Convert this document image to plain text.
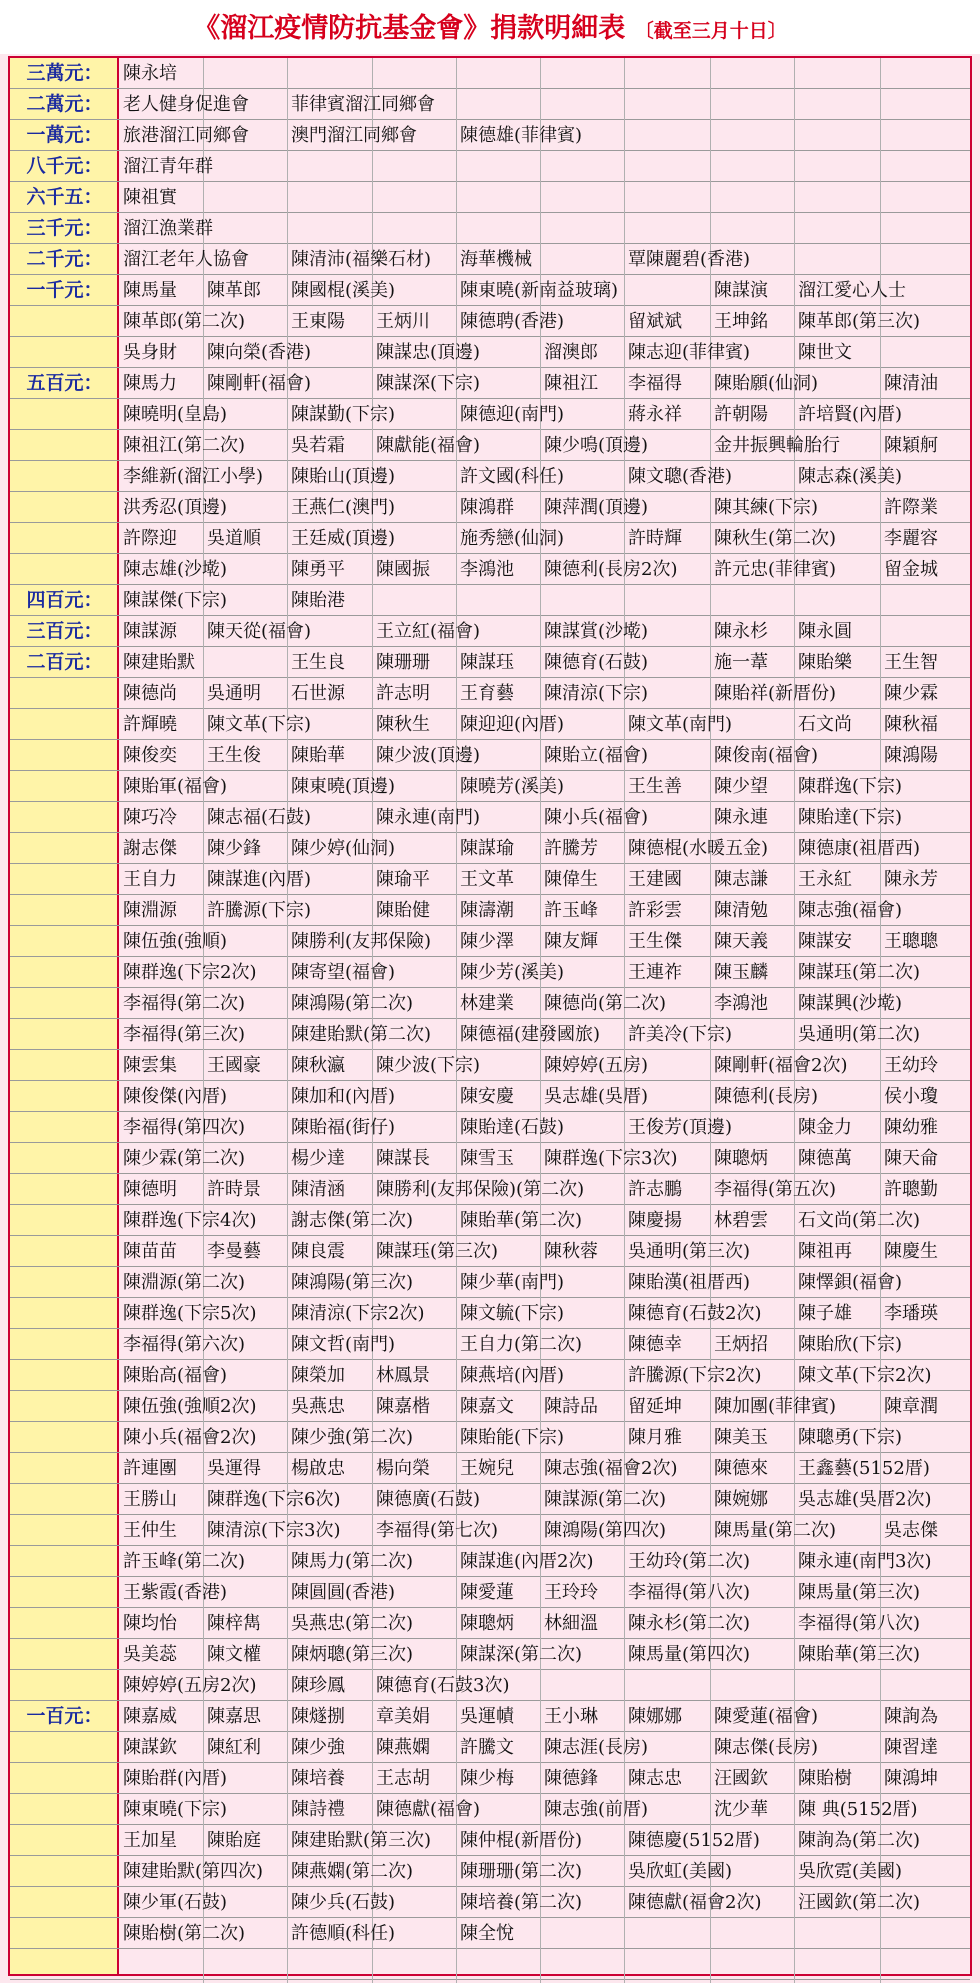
《溜江疫情防抗基金會》捐款明細表 〔截至三月十日〕
三萬元：	陳永培
二萬元：	老人健身促進會 菲律賓溜江同鄉會
一萬元：	旅港溜江同鄉會 澳門溜江同鄉會 陳德雄(菲律賓)
八千元：	溜江青年群
六千五：	陳祖實
三千元：	溜江漁業群
二千元：	溜江老年人協會 陳清沛(福樂石材) 海華機械	覃陳麗碧(香港)
一千元：	陳馬量 陳革郎 陳國棍(溪美)	陳東曉(新南益玻璃)	陳謀演 溜江愛心人士
陳革郎(第二次)	王東陽 王炳川 陳德聘(香港)	留斌斌 王坤銘 陳革郎(第三次)
吳身財 陳向榮(香港)	陳謀忠(頂邊)	溜澳郎 陳志迎(菲律賓)	陳世文
五百元：	陳馬力 陳剛軒(福會)	陳謀深(下宗)	陳祖江 李福得 陳貽願(仙洞)	陳清油
陳曉明(皇島)	陳謀勤(下宗)	陳德迎(南門)	蔣永祥 許朝陽 許培賢(內厝)
陳祖江(第二次)	吳若霜 陳獻能(福會)	陳少鳴(頂邊)	金井振興輪胎行 陳穎舸
李維新(溜江小學) 陳貽山(頂邊)	許文國(科任)	陳文聰(香港)	陳志森(溪美)
洪秀忍(頂邊)	王燕仁(澳門)	陳鴻群 陳萍潤(頂邊)	陳其練(下宗)	許際業
許際迎 吳道順 王廷威(頂邊)	施秀戀(仙洞)	許時輝 陳秋生(第二次)	李麗容
陳志雄(沙墘)	陳勇平 陳國振 李鴻池 陳德利(長房2次) 許元忠(菲律賓)	留金城
四百元：	陳謀傑(下宗)	陳貽港
三百元：	陳謀源 陳天從(福會)	王立紅(福會)	陳謀賞(沙墘)	陳永杉 陳永圓
二百元：	陳建貽默	王生良 陳珊珊 陳謀珏 陳德育(石鼓)	施一葦 陳貽樂 王生智
陳德尚 吳通明 石世源 許志明 王育藝 陳清涼(下宗)	陳貽祥(新厝份)	陳少霖
許輝曉 陳文革(下宗)	陳秋生 陳迎迎(內厝)	陳文革(南門)	石文尚 陳秋福
陳俊奕 王生俊 陳貽華 陳少波(頂邊)	陳貽立(福會)	陳俊南(福會)	陳鴻陽
陳貽軍(福會)	陳東曉(頂邊)	陳曉芳(溪美)	王生善 陳少望 陳群逸(下宗)
陳巧冷 陳志福(石鼓)	陳永連(南門)	陳小兵(福會)	陳永連 陳貽達(下宗)
謝志傑 陳少鋒 陳少婷(仙洞)	陳謀瑜 許騰芳 陳德棍(水暖五金) 陳德康(祖厝西)
王自力 陳謀進(內厝)	陳瑜平 王文革 陳偉生 王建國 陳志謙 王永紅 陳永芳
陳淵源 許騰源(下宗)	陳貽健 陳濤潮 許玉峰 許彩雲 陳清勉 陳志強(福會)
陳伍強(強順)	陳勝利(友邦保險) 陳少澤 陳友輝 王生傑 陳天義 陳謀安 王聰聰
陳群逸(下宗2次) 陳寄望(福會)	陳少芳(溪美)	王連祚 陳玉麟 陳謀珏(第二次)
李福得(第二次)	陳鴻陽(第二次)	林建業 陳德尚(第二次)	李鴻池 陳謀興(沙墘)
李福得(第三次)	陳建貽默(第二次) 陳德福(建發國旅) 許美冷(下宗)	吳通明(第二次)
陳雲集 王國豪 陳秋瀛 陳少波(下宗)	陳婷婷(五房)	陳剛軒(福會2次) 王幼玲
陳俊傑(內厝)	陳加和(內厝)	陳安慶 吳志雄(吳厝)	陳德利(長房)	侯小瓊
李福得(第四次)	陳貽福(街仔)	陳貽達(石鼓)	王俊芳(頂邊)	陳金力 陳幼雅
陳少霖(第二次)	楊少達 陳謀長 陳雪玉 陳群逸(下宗3次) 陳聰炳 陳德萬 陳天侖
陳德明 許時景 陳清涵 陳勝利(友邦保險)(第二次) 許志鵬 李福得(第五次)	許聰勤
陳群逸(下宗4次) 謝志傑(第二次)	陳貽華(第二次)	陳慶揚 林碧雲 石文尚(第二次)
陳苗苗 李曼藝 陳良震 陳謀珏(第三次)	陳秋蓉 吳通明(第三次)	陳祖再 陳慶生
陳淵源(第二次)	陳鴻陽(第三次)	陳少華(南門)	陳貽漢(祖厝西)	陳懌鋇(福會)
陳群逸(下宗5次) 陳清涼(下宗2次) 陳文毓(下宗)	陳德育(石鼓2次) 陳子雄 李璠瑛
李福得(第六次)	陳文哲(南門)	王自力(第二次)	陳德幸 王炳招 陳貽欣(下宗)
陳貽高(福會)	陳榮加 林鳳景 陳燕培(內厝)	許騰源(下宗2次) 陳文革(下宗2次)
陳伍強(強順2次) 吳燕忠 陳嘉楷 陳嘉文 陳詩品 留延坤 陳加團(菲律賓)	陳章潤
陳小兵(福會2次) 陳少強(第二次)	陳貽能(下宗)	陳月雅 陳美玉 陳聰勇(下宗)
許連團 吳運得 楊啟忠 楊向榮 王婉兒 陳志強(福會2次) 陳德來 王鑫藝(5152厝)
王勝山 陳群逸(下宗6次) 陳德廣(石鼓)	陳謀源(第二次)	陳婉娜 吳志雄(吳厝2次)
王仲生 陳清涼(下宗3次) 李福得(第七次)	陳鴻陽(第四次)	陳馬量(第二次)	吳志傑
許玉峰(第二次)	陳馬力(第二次)	陳謀進(內厝2次) 王幼玲(第二次)	陳永連(南門3次)
王紫霞(香港)	陳圓圓(香港)	陳愛蓮 王玲玲 李福得(第八次)	陳馬量(第三次)
陳均怡 陳梓雋 吳燕忠(第二次)	陳聰炳 林細溫 陳永杉(第二次)	李福得(第八次)
吳美蕊 陳文權 陳炳聰(第三次)	陳謀深(第二次)	陳馬量(第四次)	陳貽華(第三次)
陳婷婷(五房2次) 陳珍鳳 陳德育(石鼓3次)
一百元：	陳嘉威 陳嘉思 陳燧捌 章美娟 吳運幘 王小琳 陳娜娜 陳愛蓮(福會)	陳詢為
陳謀欽 陳紅利 陳少強 陳燕嫻 許騰文 陳志涯(長房)	陳志傑(長房)	陳習達
陳貽群(內厝)	陳培養 王志胡 陳少梅 陳德鋒 陳志忠 汪國欽 陳貽樹 陳鴻坤
陳東曉(下宗)	陳詩禮 陳德獻(福會)	陳志強(前厝)	沈少華 陳 典(5152厝)
王加星 陳貽庭 陳建貽默(第三次) 陳仲棍(新厝份)	陳德慶(5152厝) 陳詢為(第二次)
陳建貽默(第四次) 陳燕嫻(第二次)	陳珊珊(第二次)	吳欣虹(美國)	吳欣霓(美國)
陳少軍(石鼓)	陳少兵(石鼓)	陳培養(第二次)	陳德獻(福會2次) 汪國欽(第二次)
陳貽樹(第二次)	許德順(科任)	陳全悅
